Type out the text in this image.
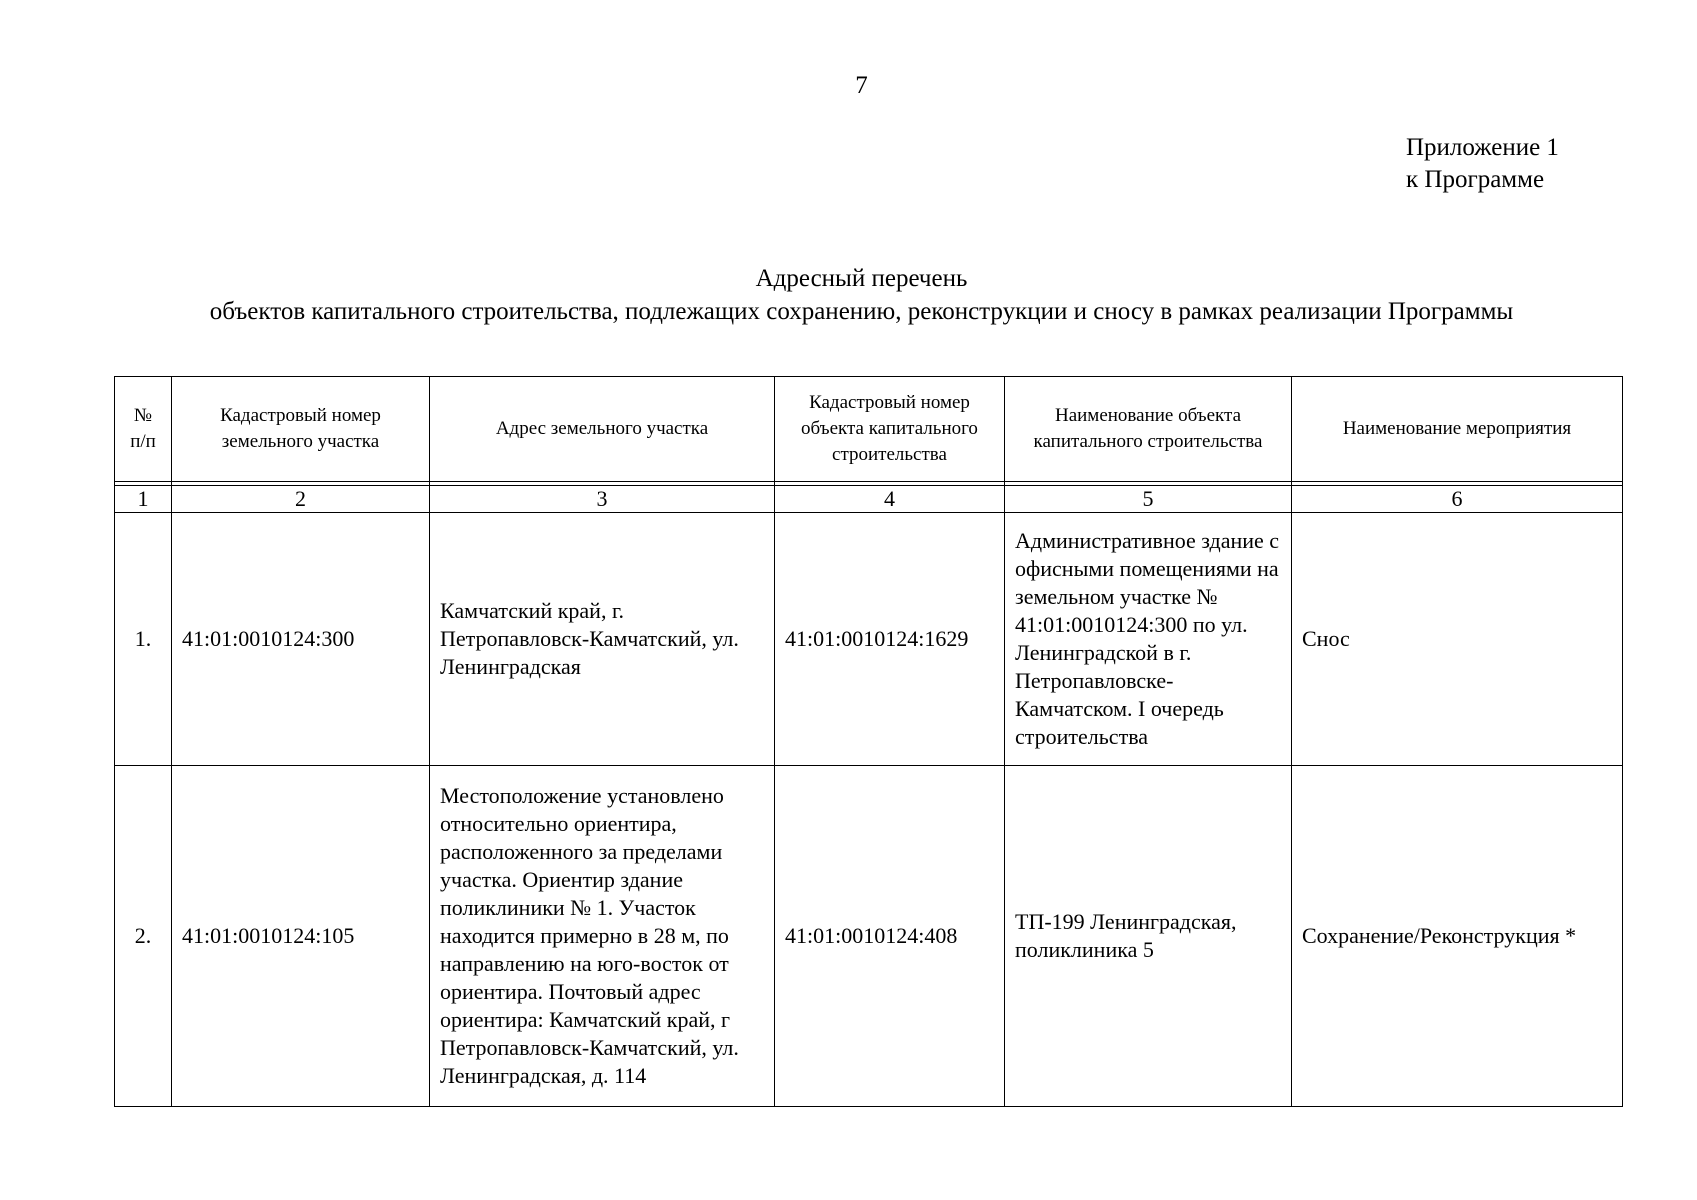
7
Приложение 1
к Программе
Адресный перечень
объектов капитального строительства, подлежащих сохранению, реконструкции и сносу в рамках реализации Программы
№ п/п	Кадастровый номер земельного участка	Адрес земельного участка	Кадастровый номер объекта капитального строительства	Наименование объекта капитального строительства	Наименование мероприятия

1	2	3	4	5	6
1.	41:01:0010124:300	Камчатский край, г. Петропавловск-Камчатский, ул. Ленинградская	41:01:0010124:1629	Административное здание с офисными помещениями на земельном участке № 41:01:0010124:300 по ул. Ленинградской в г. Петропавловске-Камчатском. I очередь строительства	Снос
2.	41:01:0010124:105	Местоположение установлено относительно ориентира, расположенного за пределами участка. Ориентир здание поликлиники № 1. Участок находится примерно в 28 м, по направлению на юго-восток от ориентира. Почтовый адрес ориентира: Камчатский край, г Петропавловск-Камчатский, ул. Ленинградская, д. 114	41:01:0010124:408	ТП-199 Ленинградская, поликлиника 5	Сохранение/Реконструкция *
